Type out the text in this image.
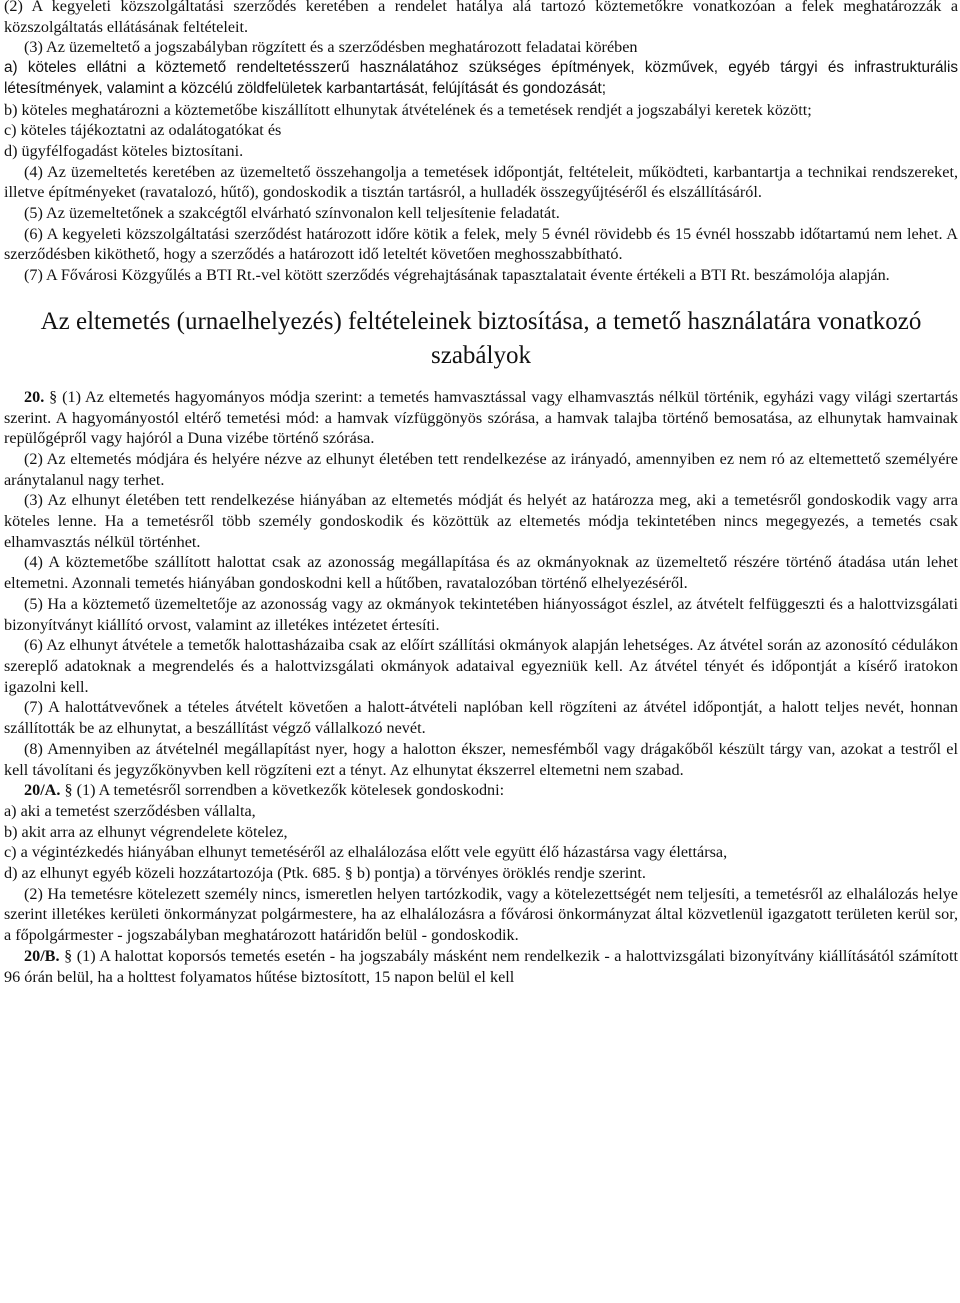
(2) A kegyeleti közszolgáltatási szerződés keretében a rendelet hatálya alá tartozó köztemetőkre vonatkozóan a felek meghatározzák a közszolgáltatás ellátásának feltételeit.

(3) Az üzemeltető a jogszabályban rögzített és a szerződésben meghatározott feladatai körében

a) köteles ellátni a köztemető rendeltetésszerű használatához szükséges építmények, közművek, egyéb tárgyi és infrastrukturális létesítmények, valamint a közcélú zöldfelületek karbantartását, felújítását és gondozását;

b) köteles meghatározni a köztemetőbe kiszállított elhunytak átvételének és a temetések rendjét a jogszabályi keretek között;

c) köteles tájékoztatni az odalátogatókat és

d) ügyfélfogadást köteles biztosítani.

(4) Az üzemeltetés keretében az üzemeltető összehangolja a temetések időpontját, feltételeit, működteti, karbantartja a technikai rendszereket, illetve építményeket (ravatalozó, hűtő), gondoskodik a tisztán tartásról, a hulladék összegyűjtéséről és elszállításáról.

(5) Az üzemeltetőnek a szakcégtől elvárható színvonalon kell teljesítenie feladatát.

(6) A kegyeleti közszolgáltatási szerződést határozott időre kötik a felek, mely 5 évnél rövidebb és 15 évnél hosszabb időtartamú nem lehet. A szerződésben kiköthető, hogy a szerződés a határozott idő leteltét követően meghosszabbítható.

(7) A Fővárosi Közgyűlés a BTI Rt.-vel kötött szerződés végrehajtásának tapasztalatait évente értékeli a BTI Rt. beszámolója alapján.

Az eltemetés (urnaelhelyezés) feltételeinek biztosítása, a temető használatára vonatkozó szabályok

20. § (1) Az eltemetés hagyományos módja szerint: a temetés hamvasztással vagy elhamvasztás nélkül történik, egyházi vagy világi szertartás szerint. A hagyományostól eltérő temetési mód: a hamvak vízfüggönyös szórása, a hamvak talajba történő bemosatása, az elhunytak hamvainak repülőgépről vagy hajóról a Duna vizébe történő szórása.

(2) Az eltemetés módjára és helyére nézve az elhunyt életében tett rendelkezése az irányadó, amennyiben ez nem ró az eltemettető személyére aránytalanul nagy terhet.

(3) Az elhunyt életében tett rendelkezése hiányában az eltemetés módját és helyét az határozza meg, aki a temetésről gondoskodik vagy arra köteles lenne. Ha a temetésről több személy gondoskodik és közöttük az eltemetés módja tekintetében nincs megegyezés, a temetés csak elhamvasztás nélkül történhet.

(4) A köztemetőbe szállított halottat csak az azonosság megállapítása és az okmányoknak az üzemeltető részére történő átadása után lehet eltemetni. Azonnali temetés hiányában gondoskodni kell a hűtőben, ravatalozóban történő elhelyezéséről.

(5) Ha a köztemető üzemeltetője az azonosság vagy az okmányok tekintetében hiányosságot észlel, az átvételt felfüggeszti és a halottvizsgálati bizonyítványt kiállító orvost, valamint az illetékes intézetet értesíti.

(6) Az elhunyt átvétele a temetők halottasházaiba csak az előírt szállítási okmányok alapján lehetséges. Az átvétel során az azonosító cédulákon szereplő adatoknak a megrendelés és a halottvizsgálati okmányok adataival egyezniük kell. Az átvétel tényét és időpontját a kísérő iratokon igazolni kell.

(7) A halottátvevőnek a tételes átvételt követően a halott-átvételi naplóban kell rögzíteni az átvétel időpontját, a halott teljes nevét, honnan szállították be az elhunytat, a beszállítást végző vállalkozó nevét.

(8) Amennyiben az átvételnél megállapítást nyer, hogy a halotton ékszer, nemesfémből vagy drágakőből készült tárgy van, azokat a testről el kell távolítani és jegyzőkönyvben kell rögzíteni ezt a tényt. Az elhunytat ékszerrel eltemetni nem szabad.

20/A. § (1) A temetésről sorrendben a következők kötelesek gondoskodni:

a) aki a temetést szerződésben vállalta,

b) akit arra az elhunyt végrendelete kötelez,

c) a végintézkedés hiányában elhunyt temetéséről az elhalálozása előtt vele együtt élő házastársa vagy élettársa,

d) az elhunyt egyéb közeli hozzátartozója (Ptk. 685. § b) pontja) a törvényes öröklés rendje szerint.

(2) Ha temetésre kötelezett személy nincs, ismeretlen helyen tartózkodik, vagy a kötelezettségét nem teljesíti, a temetésről az elhalálozás helye szerint illetékes kerületi önkormányzat polgármestere, ha az elhalálozásra a fővárosi önkormányzat által közvetlenül igazgatott területen kerül sor, a főpolgármester - jogszabályban meghatározott határidőn belül - gondoskodik.

20/B. § (1) A halottat koporsós temetés esetén - ha jogszabály másként nem rendelkezik - a halottvizsgálati bizonyítvány kiállításától számított 96 órán belül, ha a holttest folyamatos hűtése biztosított, 15 napon belül el kell
